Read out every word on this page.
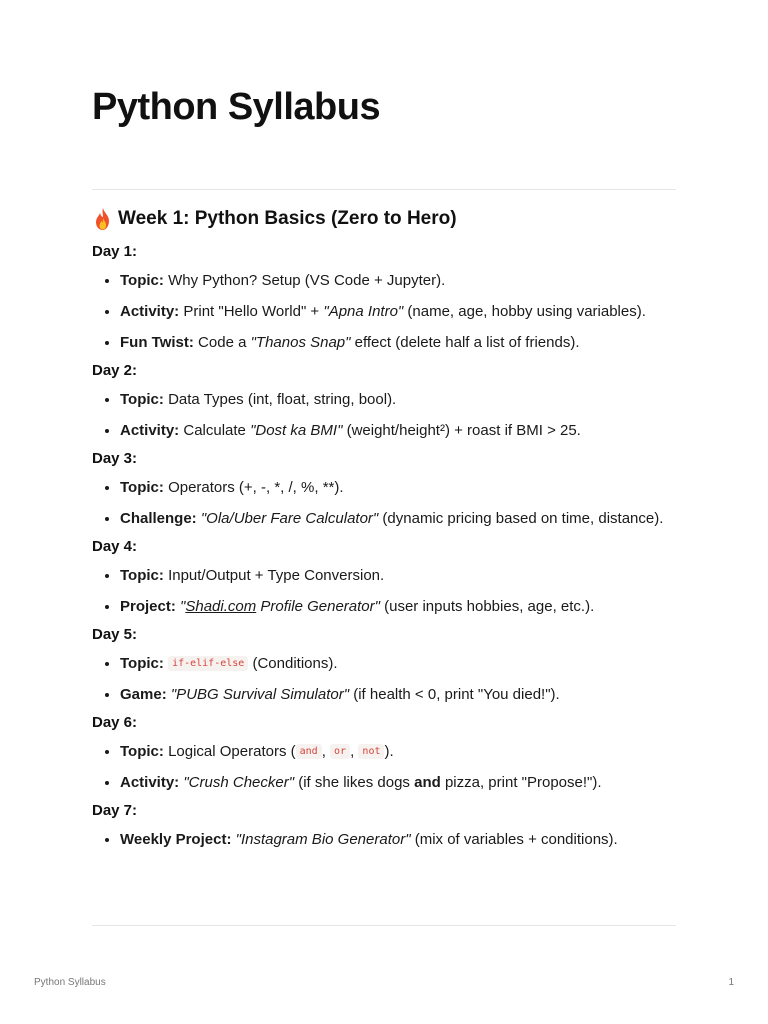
Python Syllabus
Week 1: Python Basics (Zero to Hero)
Day 1:
• Topic: Why Python? Setup (VS Code + Jupyter).
• Activity: Print "Hello World" + "Apna Intro" (name, age, hobby using variables).
• Fun Twist: Code a "Thanos Snap" effect (delete half a list of friends).
Day 2:
• Topic: Data Types (int, float, string, bool).
• Activity: Calculate "Dost ka BMI" (weight/height²) + roast if BMI > 25.
Day 3:
• Topic: Operators (+, -, *, /, %, **).
• Challenge: "Ola/Uber Fare Calculator" (dynamic pricing based on time, distance).
Day 4:
• Topic: Input/Output + Type Conversion.
• Project: "Shadi.com Profile Generator" (user inputs hobbies, age, etc.).
Day 5:
• Topic: if-elif-else (Conditions).
• Game: "PUBG Survival Simulator" (if health < 0, print "You died!").
Day 6:
• Topic: Logical Operators ( and , or , not ).
• Activity: "Crush Checker" (if she likes dogs and pizza, print "Propose!").
Day 7:
• Weekly Project: "Instagram Bio Generator" (mix of variables + conditions).
Python Syllabus	1
